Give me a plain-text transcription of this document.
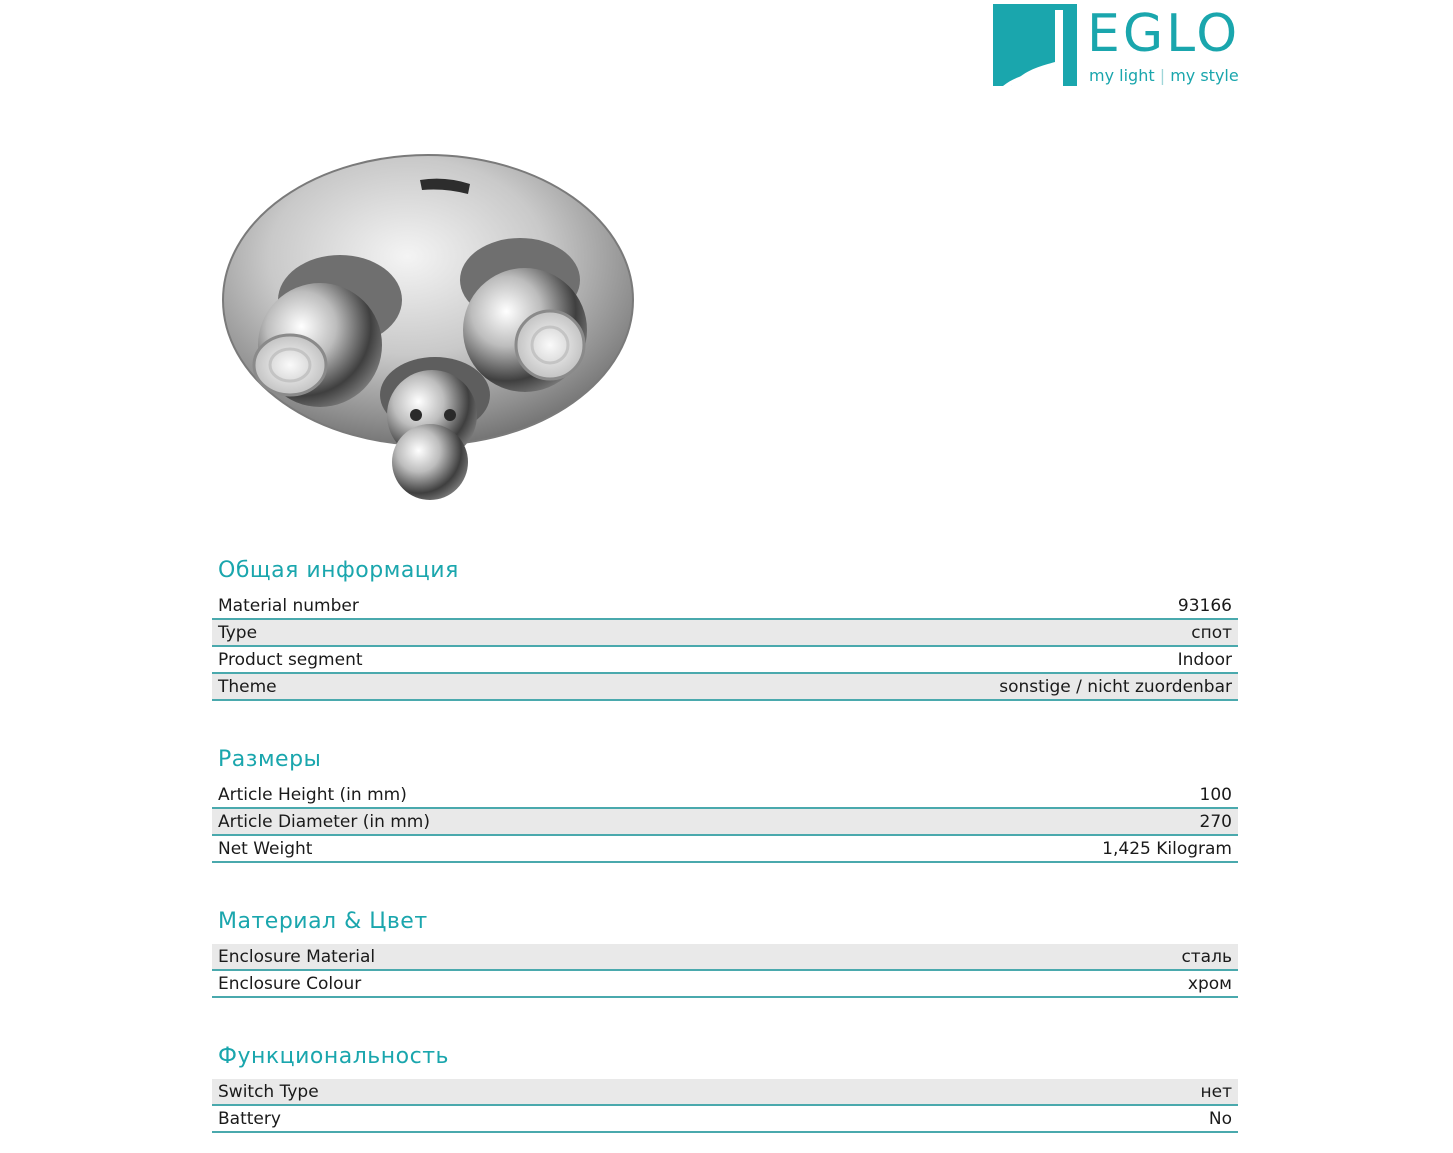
EGLO
my light | my style
Общая информация
Material number	93166
Type	спот
Product segment	Indoor
Theme	sonstige / nicht zuordenbar
Размеры
Article Height (in mm)	100
Article Diameter (in mm)	270
Net Weight	1,425 Kilogram
Материал & Цвет
Enclosure Material	сталь
Enclosure Colour	хром
Функциональность
Switch Type	нет
Battery	No
